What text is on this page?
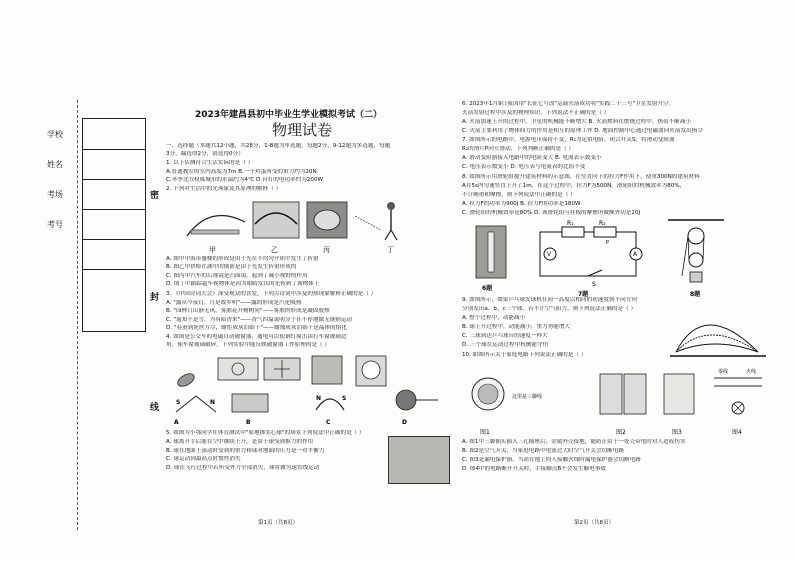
学校
姓名
考场
考号
密
封
线
2023年建昌县初中毕业生学业模拟考试（二）
物理试卷

一、选择题（本题共12小题，共28分，1-8题为单选题，每题2分，9-12题为多选题，每题

3分，漏选得2分，错选得0分）

1. 以下估测符合生活实际的是（ ）

A.普通教室的室内高度为7m B.一个鸡蛋所受的重力约为20N

C.冬季北方权威城市的水温约为4℃ D.台灯的电功率约为200W

2. 下列对生活中的光现象及其原理的解释（ ）

A. 图甲中海市蜃楼的形成是由于光在不均匀介质中发生了折射

B. 图乙中拱桥在湖中的倒影是由于光发生折射形成的

C. 图丙中汽车的后视镜是凸面镜，起到了减小视野的作用

D. 图丁中跟踪超车视物体是因为眼睛发出的光传到了该物体上

3. 《中国诗词大会》深受观众的喜爱，下列古诗词中涉及的热现象解释正确的是（ ）

A. "露从今夜白，月是故乡明"——露的形成是汽化吸热

B. "园林日出静无风，雾淞花开树树同"——雾淞的形成是凝固放热

C. "遥知不是雪，为有暗香来"——香气四溢说明分子在不停地做无规则运动

D. "春蚕到死丝方尽，蜡炬成灰泪始干"——蜡烛成灰泪始干是晶体的熔化

4. 如图是公交车的电磁自动破窗器，通电可以使钢钉撞击由打车窗玻璃边

角，使车窗玻璃破碎。下列实验中能反映破窗器工作原理的是（ ）

5. 如图为小鄂同学在体育测试中"原地掷实心球"的场景下列说法中正确的是（ ）

A. 球离开手后能在空中继续上升，是由于球受到推力的作用

B. 球在地面上滚动时受到的重力和球对地面的压力是一对平衡力

C. 球运动到最高点时惯性消失

D. 球在飞行过程中若所受外力全部消失，球将做匀速直线运动

甲	乙	丙	丁
S	N
N	S
A	B	C	D
第1页（共8页）

6. 2023年1月9日我国用"长征七号改"运载火箭成功将"实践二十三号"卫星发射升空。

火箭发射过程中涉及的物理知识，下列说法不正确的是（ ）

A. 火箭加速上升的过程中，卫星的机械能不断增大 B. 火箭燃料在燃烧过程中，热值不断减小

C. 火箭主要利用了物体间力的作用是相互的原理工作 D. 地面控制中心通过电磁波向火箭发出指令

7. 如图所示的电路中，电源电压保持不变，R₁为定值电阻。闭合开关S，将滑动变阻器

R₂的滑片P向左滑动，下列判断正确的是（ ）

A. 滑动变阻器接入电路中的电阻变大 B. 电流表示数变小

C. 电压表示数变小 D. 电压表与电流表的比值不变

8. 如图所示用滑轮组提升建筑材料的示意图，在竖直向下的拉力F作用下，使重300N的建筑材料

A在5s内匀速竖直上升了1m，在这个过程中，拉力F为500N，滑轮组的机械效率为80%，

不计绳重和摩擦，则下列说法中正确的是（ ）

A. 拉力F的功率为900J B. 拉力F的功率是180W

C. 滑轮组的机械效率是80% D. 该滑轮组与挂板的摩擦所做额外功是20J

9. 如图所示，如果乒乓球发球机在同一高度以相同的初速度朝不同方向

分别发出a、b、c三个球，若不计空气阻力，则下列说法正确的是（ ）

A. 整个过程中，动能减小

B. 球上升过程中，动能减小，重力势能增大

C. 三球到达乒乓球台的速度一样大

D. 三个球在运动过程中机械能守恒

10. 如图所示关于家庭电路下列说法正确的是（ ）

A. 图1中三脚插头插入三孔插座后，金属外壳接地，能防止由于一处壳带电时对人造成伤害

B. 图2是空气开关，当家庭电路中电流过大时空气开关会切断电路

C. 图3是漏电保护器，当站在地上的人接触火线时漏电保护器会切断电路

D. 图4中的电路断开开关时，手接触点B不会发生触电事故

6题
R₁	R₂
V	A
S
P
7题	8题
这里是三脚线
零线	火线
图1	图2	图3	图4
第2页（共8页）
